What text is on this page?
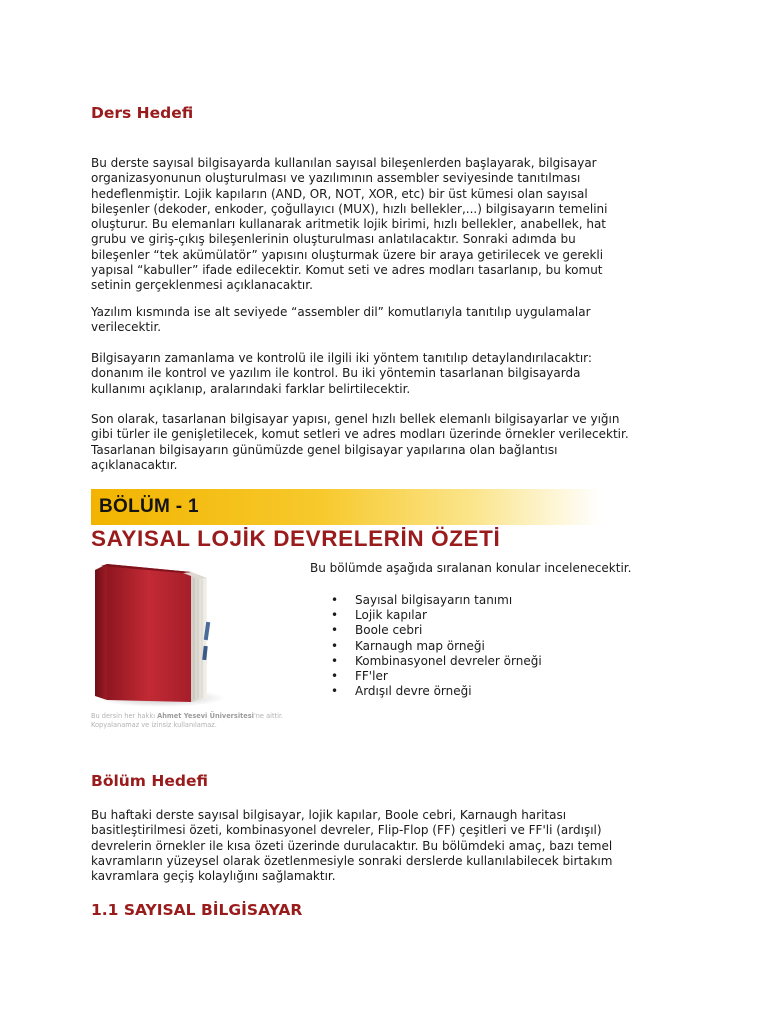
Ders Hedefi
Bu derste sayısal bilgisayarda kullanılan sayısal bileşenlerden başlayarak, bilgisayar
organizasyonunun oluşturulması ve yazılımının assembler seviyesinde tanıtılması
hedeflenmiştir. Lojik kapıların (AND, OR, NOT, XOR, etc) bir üst kümesi olan sayısal
bileşenler (dekoder, enkoder, çoğullayıcı (MUX), hızlı bellekler,...) bilgisayarın temelini
oluşturur. Bu elemanları kullanarak aritmetik lojik birimi, hızlı bellekler, anabellek, hat
grubu ve giriş-çıkış bileşenlerinin oluşturulması anlatılacaktır. Sonraki adımda bu
bileşenler “tek akümülatör” yapısını oluşturmak üzere bir araya getirilecek ve gerekli
yapısal “kabuller” ifade edilecektir. Komut seti ve adres modları tasarlanıp, bu komut
setinin gerçeklenmesi açıklanacaktır.
Yazılım kısmında ise alt seviyede “assembler dil” komutlarıyla tanıtılıp uygulamalar
verilecektir.
Bilgisayarın zamanlama ve kontrolü ile ilgili iki yöntem tanıtılıp detaylandırılacaktır:
donanım ile kontrol ve yazılım ile kontrol. Bu iki yöntemin tasarlanan bilgisayarda
kullanımı açıklanıp, aralarındaki farklar belirtilecektir.
Son olarak, tasarlanan bilgisayar yapısı, genel hızlı bellek elemanlı bilgisayarlar ve yığın
gibi türler ile genişletilecek, komut setleri ve adres modları üzerinde örnekler verilecektir.
Tasarlanan bilgisayarın günümüzde genel bilgisayar yapılarına olan bağlantısı
açıklanacaktır.
BÖLÜM - 1
SAYISAL LOJİK DEVRELERİN ÖZETİ
Bu dersin her hakkı Ahmet Yesevi Üniversitesi'ne aittir.
Kopyalanamaz ve izinsiz kullanılamaz.

Bu bölümde aşağıda sıralanan konular incelenecektir.

• Sayısal bilgisayarın tanımı
• Lojik kapılar
• Boole cebri
• Karnaugh map örneği
• Kombinasyonel devreler örneği
• FF'ler
• Ardışıl devre örneği
Bölüm Hedefi
Bu haftaki derste sayısal bilgisayar, lojik kapılar, Boole cebri, Karnaugh haritası
basitleştirilmesi özeti, kombinasyonel devreler, Flip-Flop (FF) çeşitleri ve FF'li (ardışıl)
devrelerin örnekler ile kısa özeti üzerinde durulacaktır. Bu bölümdeki amaç, bazı temel
kavramların yüzeysel olarak özetlenmesiyle sonraki derslerde kullanılabilecek birtakım
kavramlara geçiş kolaylığını sağlamaktır.
1.1 SAYISAL BİLGİSAYAR
